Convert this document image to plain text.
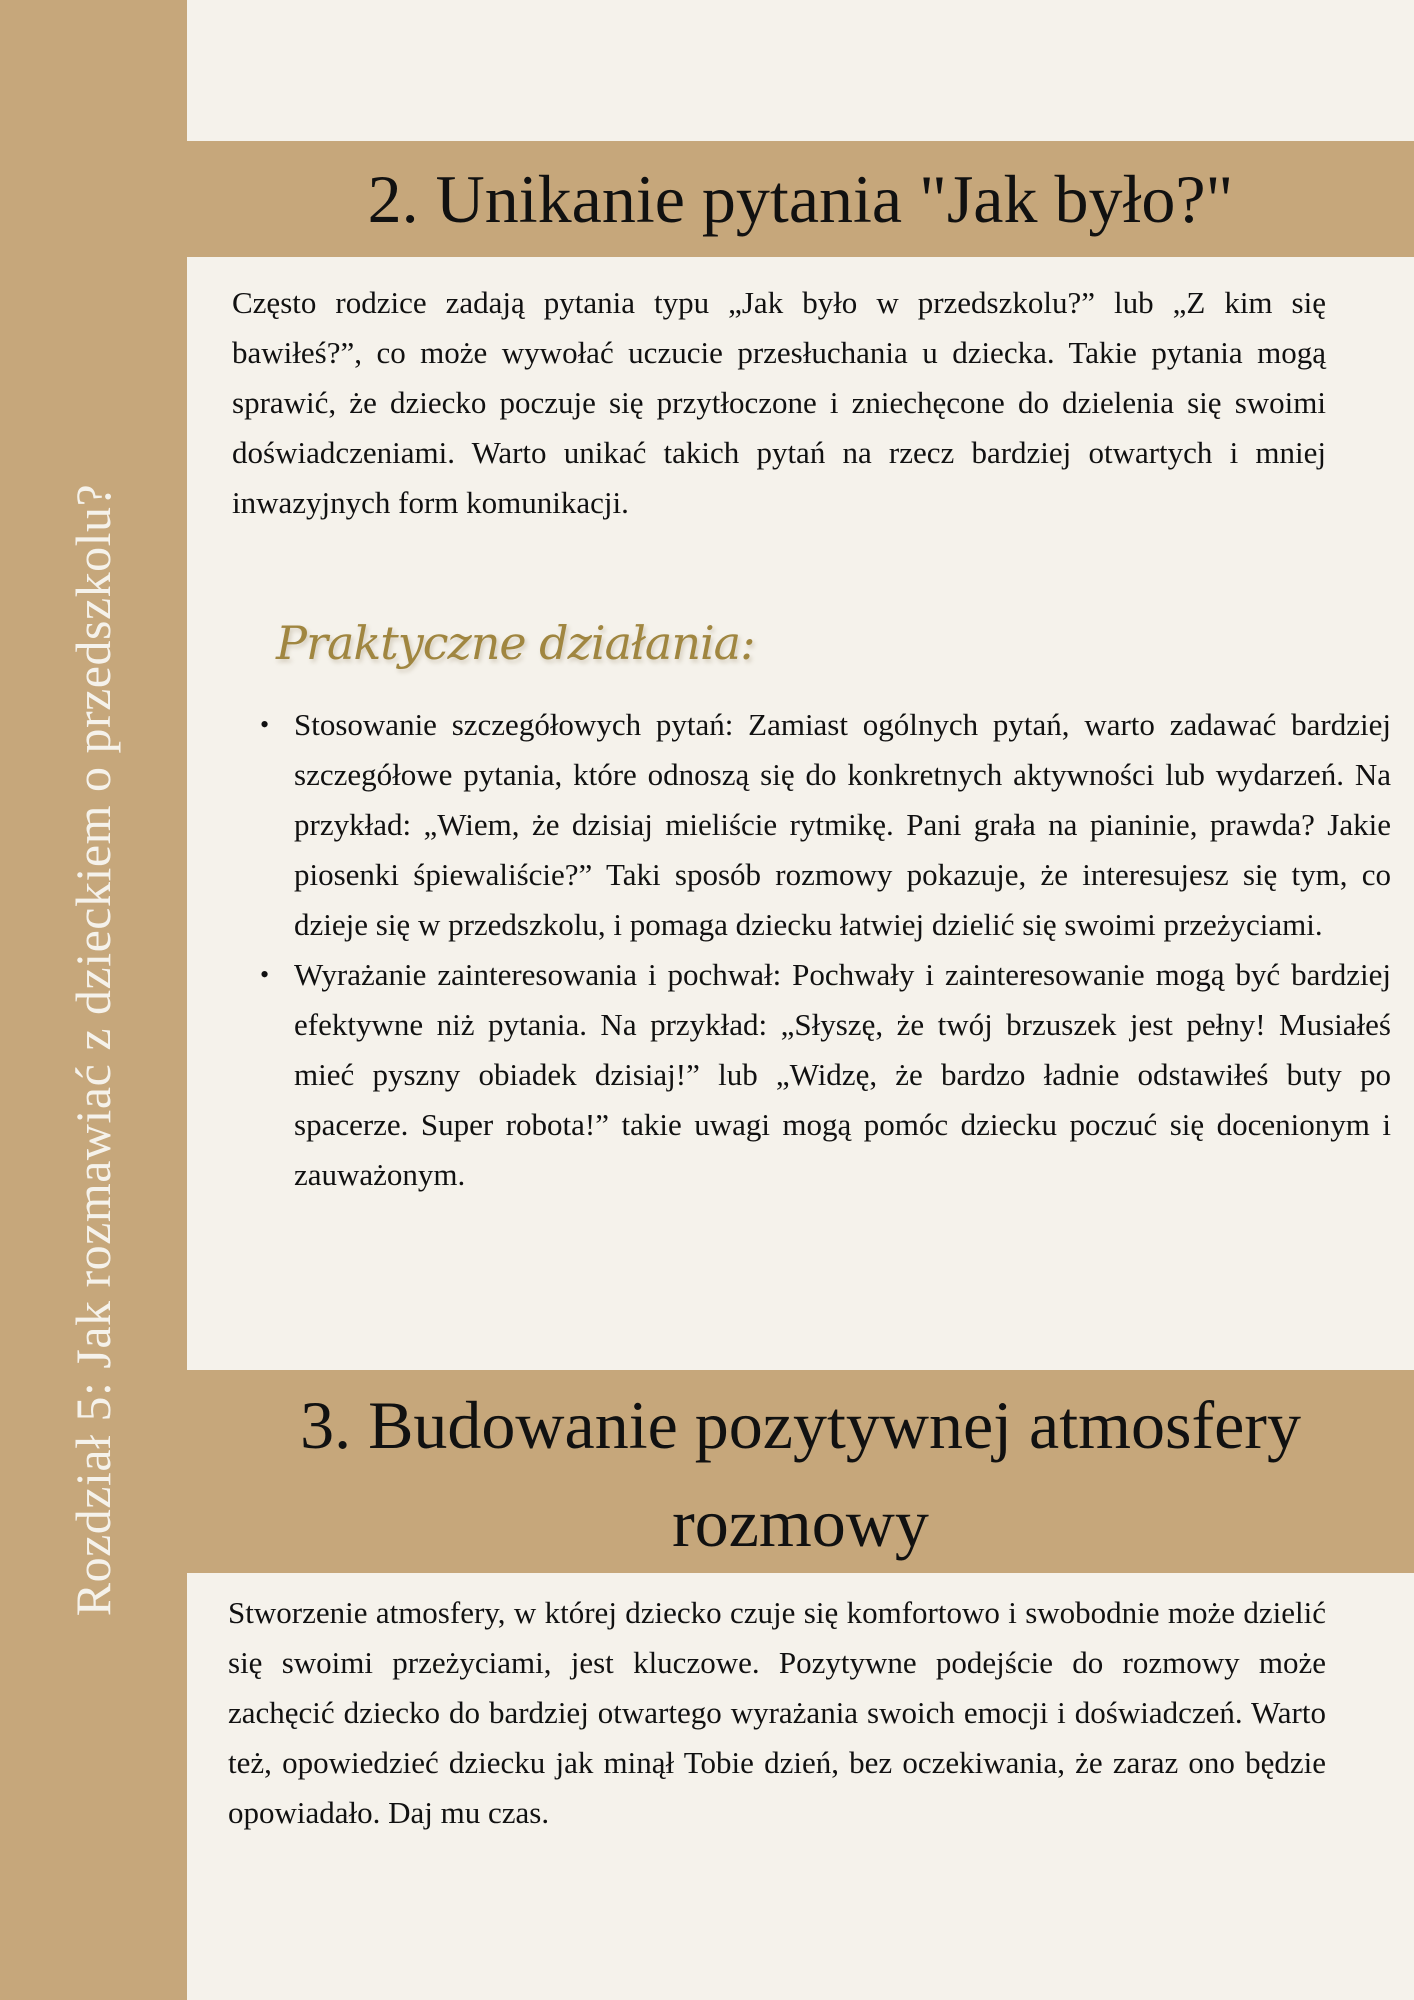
Rozdział 5: Jak rozmawiać z dzieckiem o przedszkolu?
2. Unikanie pytania "Jak było?"

Często rodzice zadają pytania typu „Jak było w przedszkolu?” lub „Z kim się bawiłeś?”, co może wywołać uczucie przesłuchania u dziecka. Takie pytania mogą sprawić, że dziecko poczuje się przytłoczone i zniechęcone do dzielenia się swoimi doświadczeniami. Warto unikać takich pytań na rzecz bardziej otwartych i mniej inwazyjnych form komunikacji.

Praktyczne działania:
• Stosowanie szczegółowych pytań: Zamiast ogólnych pytań, warto zadawać bardziej szczegółowe pytania, które odnoszą się do konkretnych aktywności lub wydarzeń. Na przykład: „Wiem, że dzisiaj mieliście rytmikę. Pani grała na pianinie, prawda? Jakie piosenki śpiewaliście?” Taki sposób rozmowy pokazuje, że interesujesz się tym, co dzieje się w przedszkolu, i pomaga dziecku łatwiej dzielić się swoimi przeżyciami.
• Wyrażanie zainteresowania i pochwał: Pochwały i zainteresowanie mogą być bardziej efektywne niż pytania. Na przykład: „Słyszę, że twój brzuszek jest pełny! Musiałeś mieć pyszny obiadek dzisiaj!” lub „Widzę, że bardzo ładnie odstawiłeś buty po spacerze. Super robota!” takie uwagi mogą pomóc dziecku poczuć się docenionym i zauważonym.
3. Budowanie pozytywnej atmosfery rozmowy

Stworzenie atmosfery, w której dziecko czuje się komfortowo i swobodnie może dzielić się swoimi przeżyciami, jest kluczowe. Pozytywne podejście do rozmowy może zachęcić dziecko do bardziej otwartego wyrażania swoich emocji i doświadczeń. Warto też, opowiedzieć dziecku jak minął Tobie dzień, bez oczekiwania, że zaraz ono będzie opowiadało. Daj mu czas.
